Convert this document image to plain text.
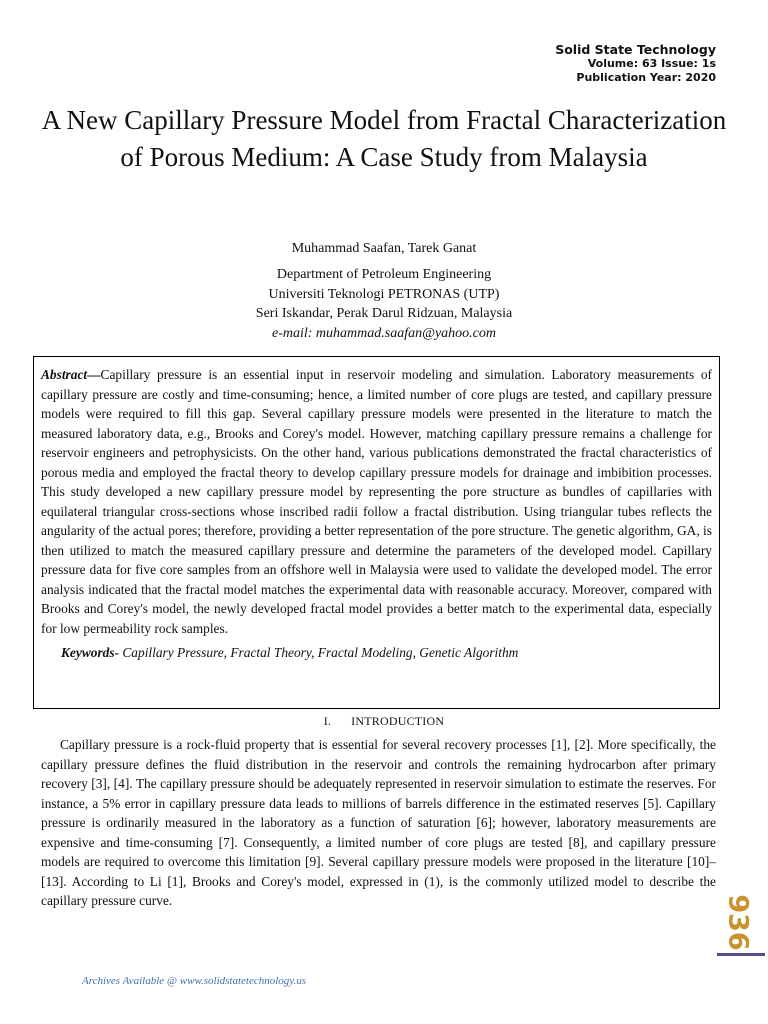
Solid State Technology
Volume: 63 Issue: 1s
Publication Year: 2020
A New Capillary Pressure Model from Fractal Characterization of Porous Medium: A Case Study from Malaysia
Muhammad Saafan, Tarek Ganat
Department of Petroleum Engineering
Universiti Teknologi PETRONAS (UTP)
Seri Iskandar, Perak Darul Ridzuan, Malaysia
e-mail: muhammad.saafan@yahoo.com

Abstract—Capillary pressure is an essential input in reservoir modeling and simulation. Laboratory measurements of capillary pressure are costly and time-consuming; hence, a limited number of core plugs are tested, and capillary pressure models were required to fill this gap. Several capillary pressure models were presented in the literature to match the measured laboratory data, e.g., Brooks and Corey's model. However, matching capillary pressure remains a challenge for reservoir engineers and petrophysicists. On the other hand, various publications demonstrated the fractal characteristics of porous media and employed the fractal theory to develop capillary pressure models for drainage and imbibition processes. This study developed a new capillary pressure model by representing the pore structure as bundles of capillaries with equilateral triangular cross-sections whose inscribed radii follow a fractal distribution. Using triangular tubes reflects the angularity of the actual pores; therefore, providing a better representation of the pore structure. The genetic algorithm, GA, is then utilized to match the measured capillary pressure and determine the parameters of the developed model. Capillary pressure data for five core samples from an offshore well in Malaysia were used to validate the developed model. The error analysis indicated that the fractal model matches the experimental data with reasonable accuracy. Moreover, compared with Brooks and Corey's model, the newly developed fractal model provides a better match to the experimental data, especially for low permeability rock samples.

Keywords- Capillary Pressure, Fractal Theory, Fractal Modeling, Genetic Algorithm
I. INTRODUCTION

Capillary pressure is a rock-fluid property that is essential for several recovery processes [1], [2]. More specifically, the capillary pressure defines the fluid distribution in the reservoir and controls the remaining hydrocarbon after primary recovery [3], [4]. The capillary pressure should be adequately represented in reservoir simulation to estimate the reserves. For instance, a 5% error in capillary pressure data leads to millions of barrels difference in the estimated reserves [5]. Capillary pressure is ordinarily measured in the laboratory as a function of saturation [6]; however, laboratory measurements are expensive and time-consuming [7]. Consequently, a limited number of core plugs are tested [8], and capillary pressure models are required to overcome this limitation [9]. Several capillary pressure models were proposed in the literature [10]–[13]. According to Li [1], Brooks and Corey's model, expressed in (1), is the commonly utilized model to describe the capillary pressure curve.	936
Archives Available @ www.solidstatetechnology.us
